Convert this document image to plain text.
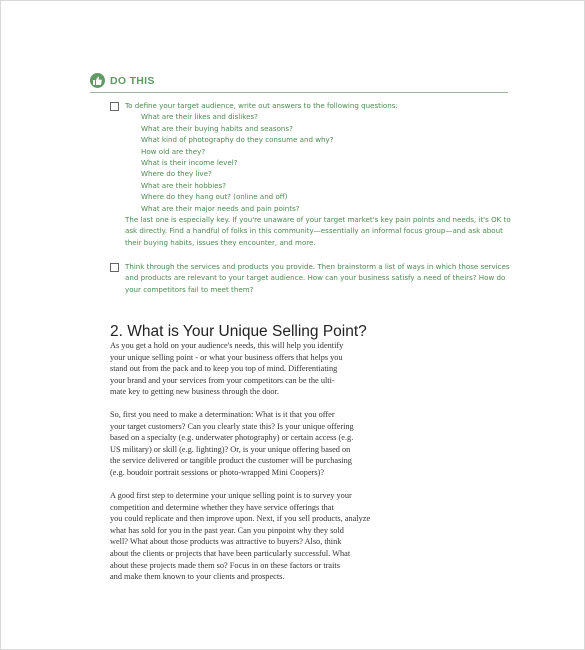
DO THIS
To define your target audience, write out answers to the following questions:
What are their likes and dislikes?
What are their buying habits and seasons?
What kind of photography do they consume and why?
How old are they?
What is their income level?
Where do they live?
What are their hobbies?
Where do they hang out? (online and off)
What are their major needs and pain points?
The last one is especially key. If you're unaware of your target market's key pain points and needs, it's OK to
ask directly. Find a handful of folks in this community—essentially an informal focus group—and ask about
their buying habits, issues they encounter, and more.
Think through the services and products you provide. Then brainstorm a list of ways in which those services
and products are relevant to your target audience. How can your business satisfy a need of theirs? How do
your competitors fail to meet them?
2. What is Your Unique Selling Point?
As you get a hold on your audience's needs, this will help you identify
your unique selling point - or what your business offers that helps you
stand out from the pack and to keep you top of mind. Differentiating
your brand and your services from your competitors can be the ulti-
mate key to getting new business through the door.
So, first you need to make a determination: What is it that you offer
your target customers? Can you clearly state this? Is your unique offering
based on a specialty (e.g. underwater photography) or certain access (e.g.
US military) or skill (e.g. lighting)? Or, is your unique offering based on
the service delivered or tangible product the customer will be purchasing
(e.g. boudoir portrait sessions or photo-wrapped Mini Coopers)?
A good first step to determine your unique selling point is to survey your
competition and determine whether they have service offerings that
you could replicate and then improve upon. Next, if you sell products, analyze
what has sold for you in the past year. Can you pinpoint why they sold
well? What about those products was attractive to buyers? Also, think
about the clients or projects that have been particularly successful. What
about these projects made them so? Focus in on these factors or traits
and make them known to your clients and prospects.
